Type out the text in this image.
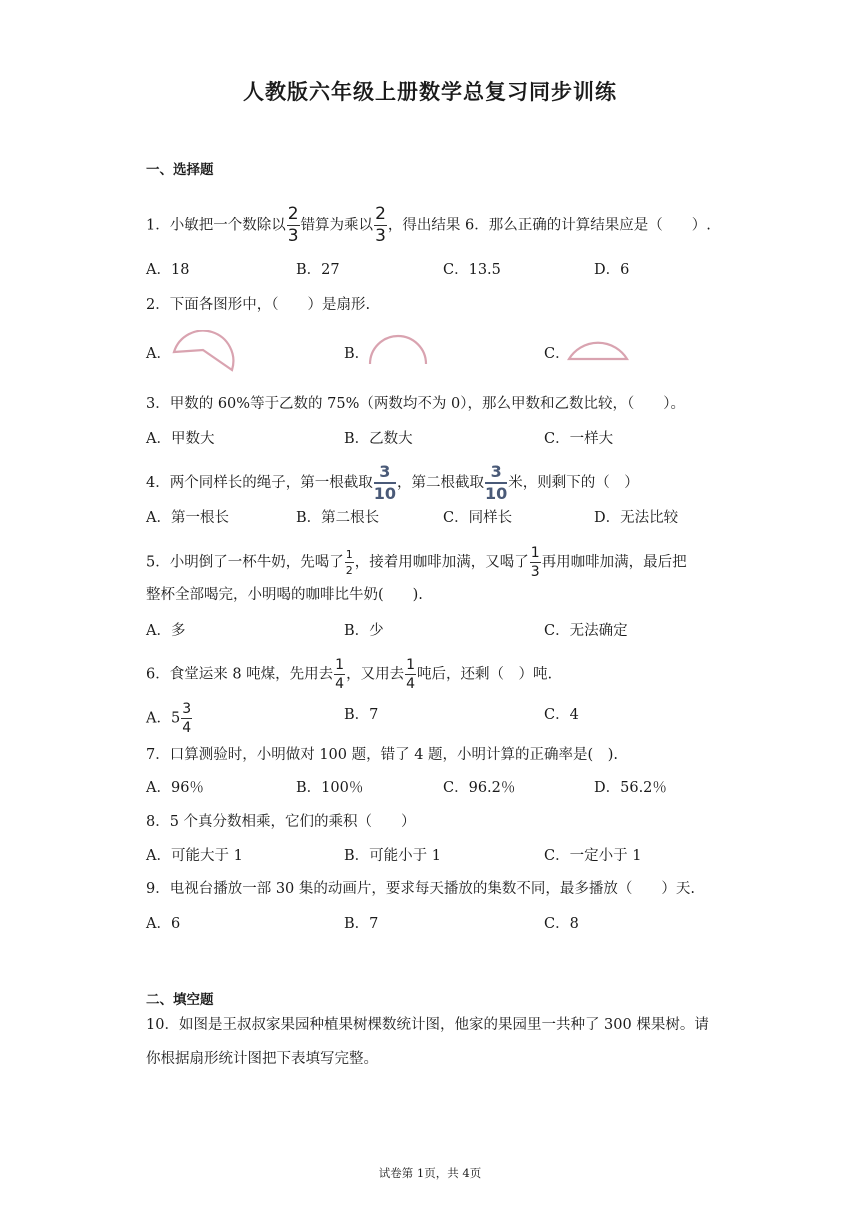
人教版六年级上册数学总复习同步训练
一、选择题
1．小敏把一个数除以 $\frac{2}{3}$ 错算为乘以 $\frac{2}{3}$ ，得出结果 6．那么正确的计算结果应是（　　）.
A．18	B．27	C．13.5	D．6
2．下面各图形中，（　　）是扇形.
A．	B．	C．
3．甲数的 60%等于乙数的 75%（两数均不为 0），那么甲数和乙数比较，（　　）。
A．甲数大	B．乙数大	C．一样大
4．两个同样长的绳子，第一根截取 $\frac{3}{10}$ ，第二根截取 $\frac{3}{10}$ 米，则剩下的（　）
A．第一根长	B．第二根长	C．同样长	D．无法比较
5．小明倒了一杯牛奶，先喝了 $\frac{1}{2}$ ，接着用咖啡加满，又喝了 $\frac{1}{3}$ 再用咖啡加满，最后把
整杯全部喝完，小明喝的咖啡比牛奶(　　).
A．多	B．少	C．无法确定
6．食堂运来 8 吨煤，先用去 $\frac{1}{4}$ ，又用去 $\frac{1}{4}$ 吨后，还剩（　）吨.
A．$5 \frac{3}{4}$	B．7	C．4
7．口算测验时，小明做对 100 题，错了 4 题，小明计算的正确率是(　).
A．96％	B．100％	C．96.2％	D．56.2％
8．5 个真分数相乘，它们的乘积（　　）
A．可能大于 1	B．可能小于 1	C．一定小于 1
9．电视台播放一部 30 集的动画片，要求每天播放的集数不同，最多播放（　　）天.
A．6	B．7	C．8
二、填空题
10．如图是王叔叔家果园种植果树棵数统计图，他家的果园里一共种了 300 棵果树。请
你根据扇形统计图把下表填写完整。
试卷第 1页，共 4页
